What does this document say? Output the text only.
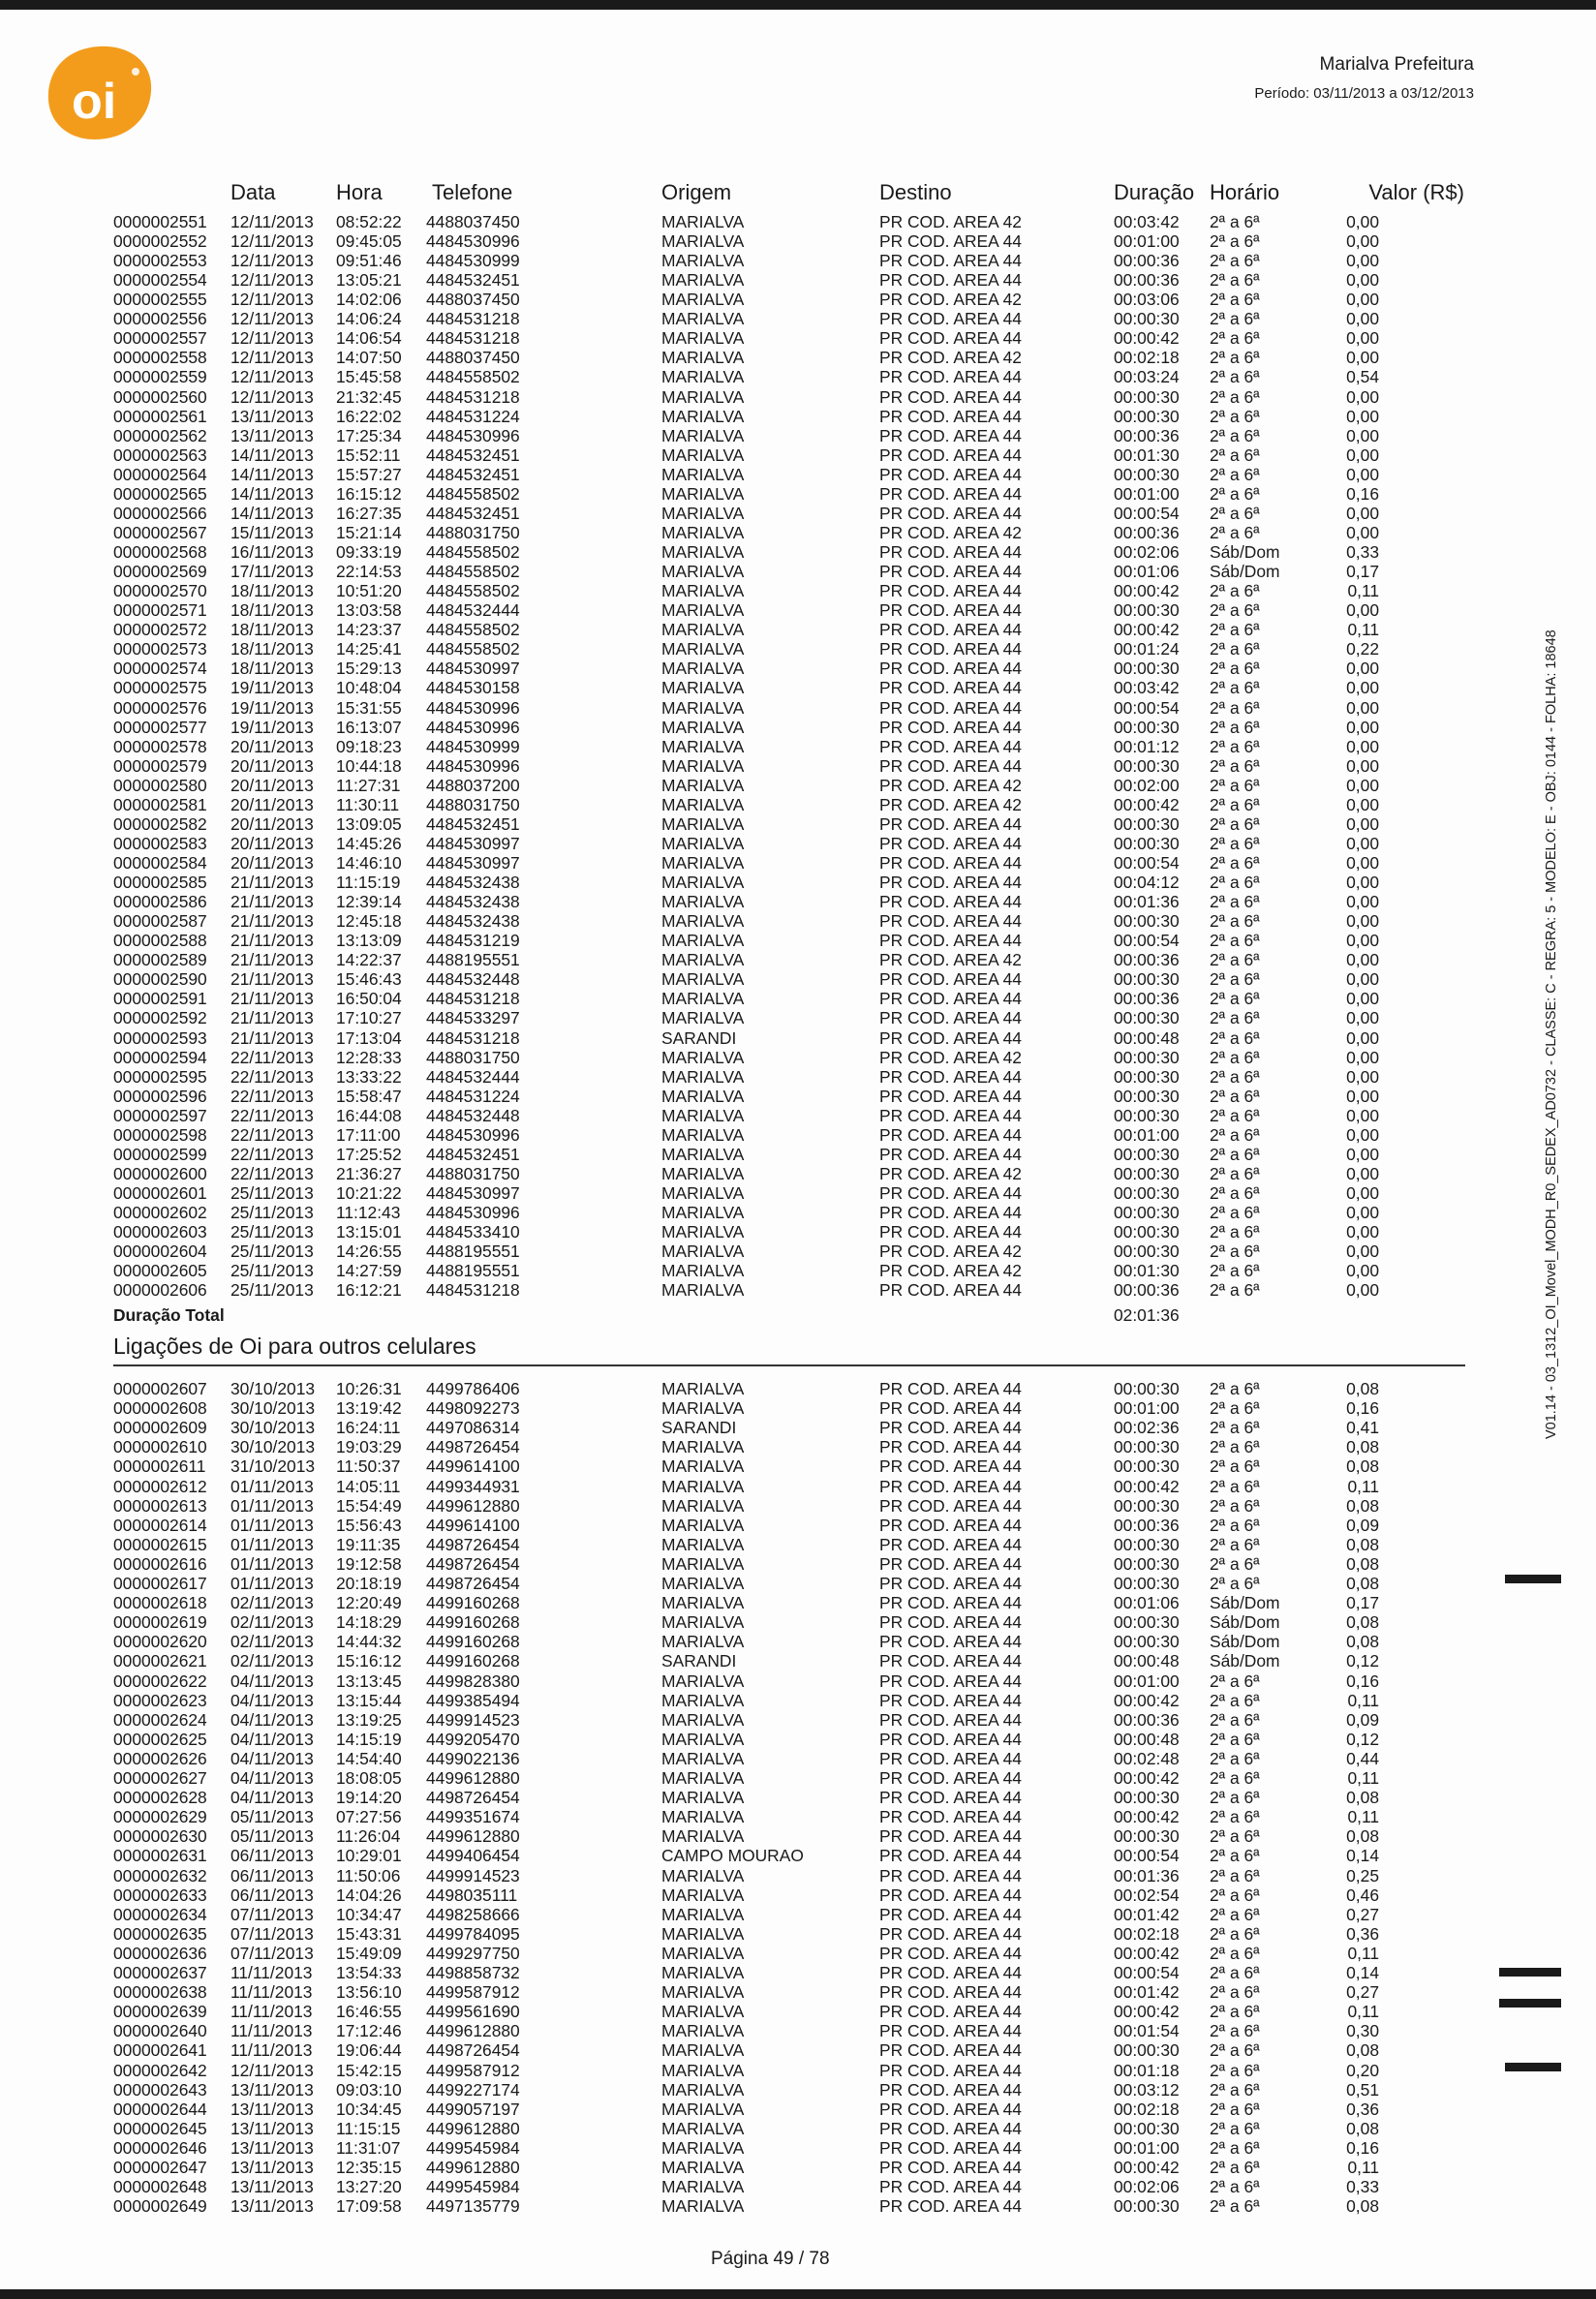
oi
Marialva Prefeitura
Período: 03/11/2013 a 03/12/2013
Data	Hora Telefone	Origem	Destino	Duração Horário	Valor (R$)
0000002551 12/11/2013 08:52:22 4488037450	MARIALVA	PR COD. AREA 42	00:03:42 2ª a 6ª	0,00
0000002552 12/11/2013 09:45:05 4484530996	MARIALVA	PR COD. AREA 44	00:01:00 2ª a 6ª	0,00
0000002553 12/11/2013 09:51:46 4484530999	MARIALVA	PR COD. AREA 44	00:00:36 2ª a 6ª	0,00
0000002554 12/11/2013 13:05:21 4484532451	MARIALVA	PR COD. AREA 44	00:00:36 2ª a 6ª	0,00
0000002555 12/11/2013 14:02:06 4488037450	MARIALVA	PR COD. AREA 42	00:03:06 2ª a 6ª	0,00
0000002556 12/11/2013 14:06:24 4484531218	MARIALVA	PR COD. AREA 44	00:00:30 2ª a 6ª	0,00
0000002557 12/11/2013 14:06:54 4484531218	MARIALVA	PR COD. AREA 44	00:00:42 2ª a 6ª	0,00
0000002558 12/11/2013 14:07:50 4488037450	MARIALVA	PR COD. AREA 42	00:02:18 2ª a 6ª	0,00
0000002559 12/11/2013 15:45:58 4484558502	MARIALVA	PR COD. AREA 44	00:03:24 2ª a 6ª	0,54
0000002560 12/11/2013 21:32:45 4484531218	MARIALVA	PR COD. AREA 44	00:00:30 2ª a 6ª	0,00
0000002561 13/11/2013 16:22:02 4484531224	MARIALVA	PR COD. AREA 44	00:00:30 2ª a 6ª	0,00
0000002562 13/11/2013 17:25:34 4484530996	MARIALVA	PR COD. AREA 44	00:00:36 2ª a 6ª	0,00
0000002563 14/11/2013 15:52:11 4484532451	MARIALVA	PR COD. AREA 44	00:01:30 2ª a 6ª	0,00
0000002564 14/11/2013 15:57:27 4484532451	MARIALVA	PR COD. AREA 44	00:00:30 2ª a 6ª	0,00
0000002565 14/11/2013 16:15:12 4484558502	MARIALVA	PR COD. AREA 44	00:01:00 2ª a 6ª	0,16
0000002566 14/11/2013 16:27:35 4484532451	MARIALVA	PR COD. AREA 44	00:00:54 2ª a 6ª	0,00
0000002567 15/11/2013 15:21:14 4488031750	MARIALVA	PR COD. AREA 42	00:00:36 2ª a 6ª	0,00
0000002568 16/11/2013 09:33:19 4484558502	MARIALVA	PR COD. AREA 44	00:02:06 Sáb/Dom	0,33
0000002569 17/11/2013 22:14:53 4484558502	MARIALVA	PR COD. AREA 44	00:01:06 Sáb/Dom	0,17
0000002570 18/11/2013 10:51:20 4484558502	MARIALVA	PR COD. AREA 44	00:00:42 2ª a 6ª	0,11
0000002571 18/11/2013 13:03:58 4484532444	MARIALVA	PR COD. AREA 44	00:00:30 2ª a 6ª	0,00
0000002572 18/11/2013 14:23:37 4484558502	MARIALVA	PR COD. AREA 44	00:00:42 2ª a 6ª	0,11
0000002573 18/11/2013 14:25:41 4484558502	MARIALVA	PR COD. AREA 44	00:01:24 2ª a 6ª	0,22
0000002574 18/11/2013 15:29:13 4484530997	MARIALVA	PR COD. AREA 44	00:00:30 2ª a 6ª	0,00
0000002575 19/11/2013 10:48:04 4484530158	MARIALVA	PR COD. AREA 44	00:03:42 2ª a 6ª	0,00
0000002576 19/11/2013 15:31:55 4484530996	MARIALVA	PR COD. AREA 44	00:00:54 2ª a 6ª	0,00
0000002577 19/11/2013 16:13:07 4484530996	MARIALVA	PR COD. AREA 44	00:00:30 2ª a 6ª	0,00
0000002578 20/11/2013 09:18:23 4484530999	MARIALVA	PR COD. AREA 44	00:01:12 2ª a 6ª	0,00
0000002579 20/11/2013 10:44:18 4484530996	MARIALVA	PR COD. AREA 44	00:00:30 2ª a 6ª	0,00
0000002580 20/11/2013 11:27:31 4488037200	MARIALVA	PR COD. AREA 42	00:02:00 2ª a 6ª	0,00
0000002581 20/11/2013 11:30:11 4488031750	MARIALVA	PR COD. AREA 42	00:00:42 2ª a 6ª	0,00
0000002582 20/11/2013 13:09:05 4484532451	MARIALVA	PR COD. AREA 44	00:00:30 2ª a 6ª	0,00
0000002583 20/11/2013 14:45:26 4484530997	MARIALVA	PR COD. AREA 44	00:00:30 2ª a 6ª	0,00
0000002584 20/11/2013 14:46:10 4484530997	MARIALVA	PR COD. AREA 44	00:00:54 2ª a 6ª	0,00
0000002585 21/11/2013 11:15:19 4484532438	MARIALVA	PR COD. AREA 44	00:04:12 2ª a 6ª	0,00
0000002586 21/11/2013 12:39:14 4484532438	MARIALVA	PR COD. AREA 44	00:01:36 2ª a 6ª	0,00
0000002587 21/11/2013 12:45:18 4484532438	MARIALVA	PR COD. AREA 44	00:00:30 2ª a 6ª	0,00
0000002588 21/11/2013 13:13:09 4484531219	MARIALVA	PR COD. AREA 44	00:00:54 2ª a 6ª	0,00
0000002589 21/11/2013 14:22:37 4488195551	MARIALVA	PR COD. AREA 42	00:00:36 2ª a 6ª	0,00
0000002590 21/11/2013 15:46:43 4484532448	MARIALVA	PR COD. AREA 44	00:00:30 2ª a 6ª	0,00
0000002591 21/11/2013 16:50:04 4484531218	MARIALVA	PR COD. AREA 44	00:00:36 2ª a 6ª	0,00
0000002592 21/11/2013 17:10:27 4484533297	MARIALVA	PR COD. AREA 44	00:00:30 2ª a 6ª	0,00
0000002593 21/11/2013 17:13:04 4484531218	SARANDI	PR COD. AREA 44	00:00:48 2ª a 6ª	0,00
0000002594 22/11/2013 12:28:33 4488031750	MARIALVA	PR COD. AREA 42	00:00:30 2ª a 6ª	0,00
0000002595 22/11/2013 13:33:22 4484532444	MARIALVA	PR COD. AREA 44	00:00:30 2ª a 6ª	0,00
0000002596 22/11/2013 15:58:47 4484531224	MARIALVA	PR COD. AREA 44	00:00:30 2ª a 6ª	0,00
0000002597 22/11/2013 16:44:08 4484532448	MARIALVA	PR COD. AREA 44	00:00:30 2ª a 6ª	0,00
0000002598 22/11/2013 17:11:00 4484530996	MARIALVA	PR COD. AREA 44	00:01:00 2ª a 6ª	0,00
0000002599 22/11/2013 17:25:52 4484532451	MARIALVA	PR COD. AREA 44	00:00:30 2ª a 6ª	0,00
0000002600 22/11/2013 21:36:27 4488031750	MARIALVA	PR COD. AREA 42	00:00:30 2ª a 6ª	0,00
0000002601 25/11/2013 10:21:22 4484530997	MARIALVA	PR COD. AREA 44	00:00:30 2ª a 6ª	0,00
0000002602 25/11/2013 11:12:43 4484530996	MARIALVA	PR COD. AREA 44	00:00:30 2ª a 6ª	0,00
0000002603 25/11/2013 13:15:01 4484533410	MARIALVA	PR COD. AREA 44	00:00:30 2ª a 6ª	0,00
0000002604 25/11/2013 14:26:55 4488195551	MARIALVA	PR COD. AREA 42	00:00:30 2ª a 6ª	0,00
0000002605 25/11/2013 14:27:59 4488195551	MARIALVA	PR COD. AREA 42	00:01:30 2ª a 6ª	0,00
0000002606 25/11/2013 16:12:21 4484531218	MARIALVA	PR COD. AREA 44	00:00:36 2ª a 6ª	0,00
Duração Total	02:01:36
Ligações de Oi para outros celulares
0000002607 30/10/2013 10:26:31 4499786406	MARIALVA	PR COD. AREA 44	00:00:30 2ª a 6ª	0,08
0000002608 30/10/2013 13:19:42 4498092273	MARIALVA	PR COD. AREA 44	00:01:00 2ª a 6ª	0,16
0000002609 30/10/2013 16:24:11 4497086314	SARANDI	PR COD. AREA 44	00:02:36 2ª a 6ª	0,41
0000002610 30/10/2013 19:03:29 4498726454	MARIALVA	PR COD. AREA 44	00:00:30 2ª a 6ª	0,08
0000002611 31/10/2013 11:50:37 4499614100	MARIALVA	PR COD. AREA 44	00:00:30 2ª a 6ª	0,08
0000002612 01/11/2013 14:05:11 4499344931	MARIALVA	PR COD. AREA 44	00:00:42 2ª a 6ª	0,11
0000002613 01/11/2013 15:54:49 4499612880	MARIALVA	PR COD. AREA 44	00:00:30 2ª a 6ª	0,08
0000002614 01/11/2013 15:56:43 4499614100	MARIALVA	PR COD. AREA 44	00:00:36 2ª a 6ª	0,09
0000002615 01/11/2013 19:11:35 4498726454	MARIALVA	PR COD. AREA 44	00:00:30 2ª a 6ª	0,08
0000002616 01/11/2013 19:12:58 4498726454	MARIALVA	PR COD. AREA 44	00:00:30 2ª a 6ª	0,08
0000002617 01/11/2013 20:18:19 4498726454	MARIALVA	PR COD. AREA 44	00:00:30 2ª a 6ª	0,08
0000002618 02/11/2013 12:20:49 4499160268	MARIALVA	PR COD. AREA 44	00:01:06 Sáb/Dom	0,17
0000002619 02/11/2013 14:18:29 4499160268	MARIALVA	PR COD. AREA 44	00:00:30 Sáb/Dom	0,08
0000002620 02/11/2013 14:44:32 4499160268	MARIALVA	PR COD. AREA 44	00:00:30 Sáb/Dom	0,08
0000002621 02/11/2013 15:16:12 4499160268	SARANDI	PR COD. AREA 44	00:00:48 Sáb/Dom	0,12
0000002622 04/11/2013 13:13:45 4499828380	MARIALVA	PR COD. AREA 44	00:01:00 2ª a 6ª	0,16
0000002623 04/11/2013 13:15:44 4499385494	MARIALVA	PR COD. AREA 44	00:00:42 2ª a 6ª	0,11
0000002624 04/11/2013 13:19:25 4499914523	MARIALVA	PR COD. AREA 44	00:00:36 2ª a 6ª	0,09
0000002625 04/11/2013 14:15:19 4499205470	MARIALVA	PR COD. AREA 44	00:00:48 2ª a 6ª	0,12
0000002626 04/11/2013 14:54:40 4499022136	MARIALVA	PR COD. AREA 44	00:02:48 2ª a 6ª	0,44
0000002627 04/11/2013 18:08:05 4499612880	MARIALVA	PR COD. AREA 44	00:00:42 2ª a 6ª	0,11
0000002628 04/11/2013 19:14:20 4498726454	MARIALVA	PR COD. AREA 44	00:00:30 2ª a 6ª	0,08
0000002629 05/11/2013 07:27:56 4499351674	MARIALVA	PR COD. AREA 44	00:00:42 2ª a 6ª	0,11
0000002630 05/11/2013 11:26:04 4499612880	MARIALVA	PR COD. AREA 44	00:00:30 2ª a 6ª	0,08
0000002631 06/11/2013 10:29:01 4499406454	CAMPO MOURAO	PR COD. AREA 44	00:00:54 2ª a 6ª	0,14
0000002632 06/11/2013 11:50:06 4499914523	MARIALVA	PR COD. AREA 44	00:01:36 2ª a 6ª	0,25
0000002633 06/11/2013 14:04:26 4498035111	MARIALVA	PR COD. AREA 44	00:02:54 2ª a 6ª	0,46
0000002634 07/11/2013 10:34:47 4498258666	MARIALVA	PR COD. AREA 44	00:01:42 2ª a 6ª	0,27
0000002635 07/11/2013 15:43:31 4499784095	MARIALVA	PR COD. AREA 44	00:02:18 2ª a 6ª	0,36
0000002636 07/11/2013 15:49:09 4499297750	MARIALVA	PR COD. AREA 44	00:00:42 2ª a 6ª	0,11
0000002637 11/11/2013 13:54:33 4498858732	MARIALVA	PR COD. AREA 44	00:00:54 2ª a 6ª	0,14
0000002638 11/11/2013 13:56:10 4499587912	MARIALVA	PR COD. AREA 44	00:01:42 2ª a 6ª	0,27
0000002639 11/11/2013 16:46:55 4499561690	MARIALVA	PR COD. AREA 44	00:00:42 2ª a 6ª	0,11
0000002640 11/11/2013 17:12:46 4499612880	MARIALVA	PR COD. AREA 44	00:01:54 2ª a 6ª	0,30
0000002641 11/11/2013 19:06:44 4498726454	MARIALVA	PR COD. AREA 44	00:00:30 2ª a 6ª	0,08
0000002642 12/11/2013 15:42:15 4499587912	MARIALVA	PR COD. AREA 44	00:01:18 2ª a 6ª	0,20
0000002643 13/11/2013 09:03:10 4499227174	MARIALVA	PR COD. AREA 44	00:03:12 2ª a 6ª	0,51
0000002644 13/11/2013 10:34:45 4499057197	MARIALVA	PR COD. AREA 44	00:02:18 2ª a 6ª	0,36
0000002645 13/11/2013 11:15:15 4499612880	MARIALVA	PR COD. AREA 44	00:00:30 2ª a 6ª	0,08
0000002646 13/11/2013 11:31:07 4499545984	MARIALVA	PR COD. AREA 44	00:01:00 2ª a 6ª	0,16
0000002647 13/11/2013 12:35:15 4499612880	MARIALVA	PR COD. AREA 44	00:00:42 2ª a 6ª	0,11
0000002648 13/11/2013 13:27:20 4499545984	MARIALVA	PR COD. AREA 44	00:02:06 2ª a 6ª	0,33
0000002649 13/11/2013 17:09:58 4497135779	MARIALVA	PR COD. AREA 44	00:00:30 2ª a 6ª	0,08
V01.14 - 03_1312_OI_Movel_MODH_R0_SEDEX_AD0732 - CLASSE: C - REGRA: 5 - MODELO: E - OBJ: 0144 - FOLHA: 18648
Página 49 / 78
